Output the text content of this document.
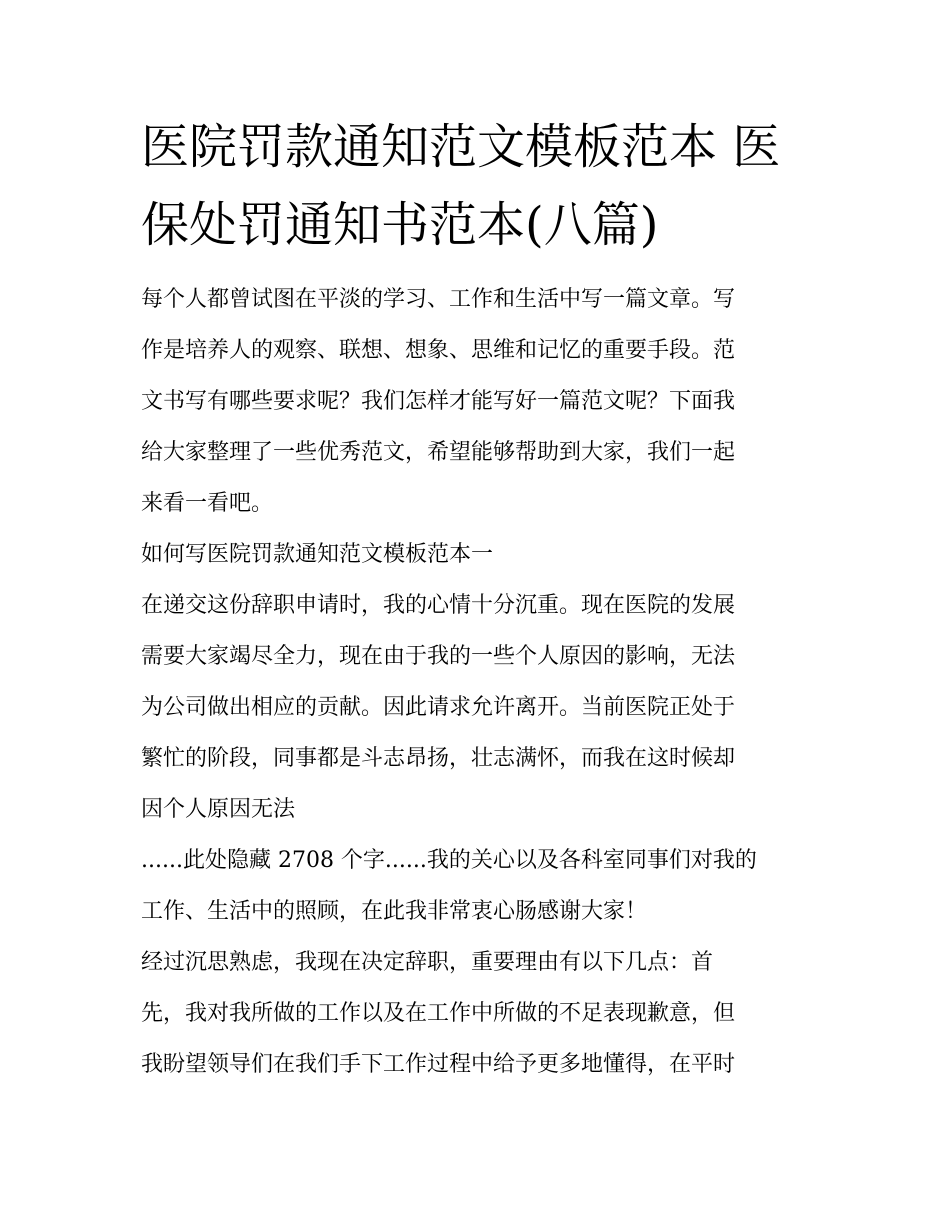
医院罚款通知范文模板范本 医
保处罚通知书范本(八篇)

每个人都曾试图在平淡的学习、工作和生活中写一篇文章。写
作是培养人的观察、联想、想象、思维和记忆的重要手段。范
文书写有哪些要求呢？我们怎样才能写好一篇范文呢？下面我
给大家整理了一些优秀范文，希望能够帮助到大家，我们一起
来看一看吧。

如何写医院罚款通知范文模板范本一

在递交这份辞职申请时，我的心情十分沉重。现在医院的发展
需要大家竭尽全力，现在由于我的一些个人原因的影响，无法
为公司做出相应的贡献。因此请求允许离开。当前医院正处于
繁忙的阶段，同事都是斗志昂扬，壮志满怀，而我在这时候却
因个人原因无法

......此处隐藏 2708 个字......我的关心以及各科室同事们对我的
工作、生活中的照顾，在此我非常衷心肠感谢大家！

经过沉思熟虑，我现在决定辞职，重要理由有以下几点：首
先，我对我所做的工作以及在工作中所做的不足表现歉意，但
我盼望领导们在我们手下工作过程中给予更多地懂得，在平时
